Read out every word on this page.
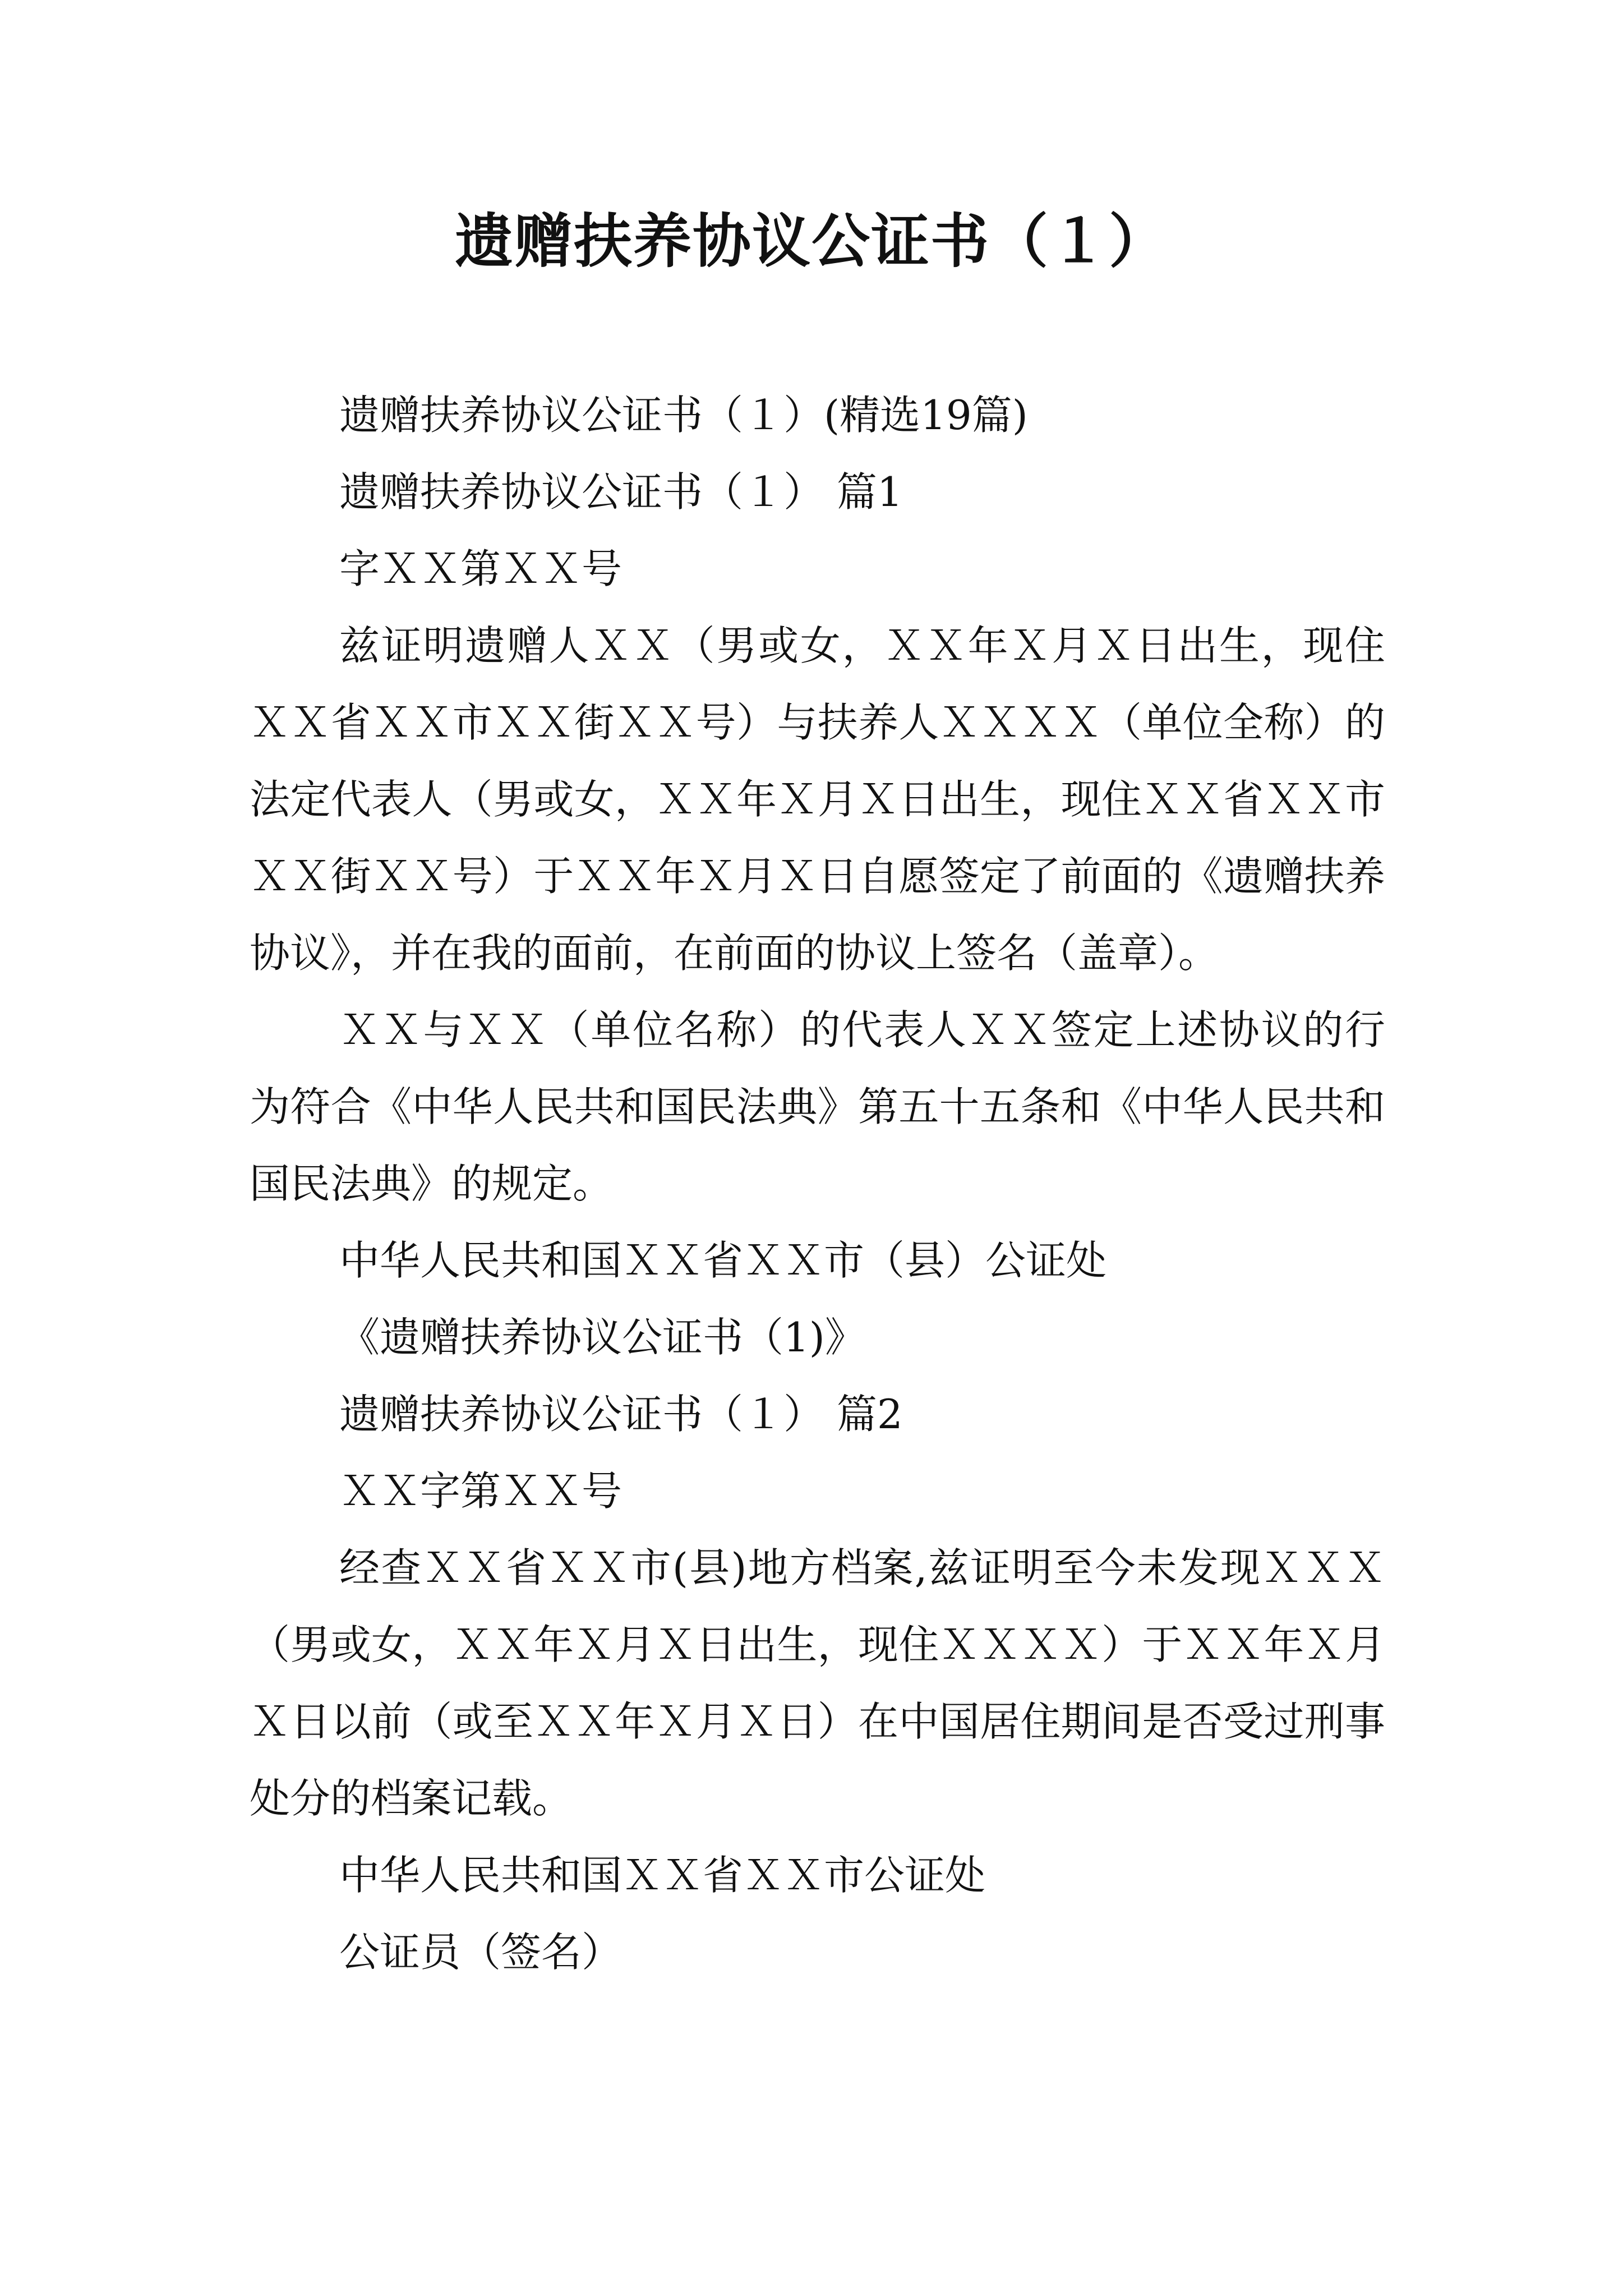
遗赠扶养协议公证书（１）

遗赠扶养协议公证书（１）(精选19篇)

遗赠扶养协议公证书（１） 篇1

字ＸＸ第ＸＸ号

兹证明遗赠人ＸＸ（男或女，ＸＸ年Ｘ月Ｘ日出生，现住ＸＸ省ＸＸ市ＸＸ街ＸＸ号）与扶养人ＸＸＸＸ（单位全称）的法定代表人（男或女，ＸＸ年Ｘ月Ｘ日出生，现住ＸＸ省ＸＸ市ＸＸ街ＸＸ号）于ＸＸ年Ｘ月Ｘ日自愿签定了前面的《遗赠扶养协议》，并在我的面前，在前面的协议上签名（盖章）。

ＸＸ与ＸＸ（单位名称）的代表人ＸＸ签定上述协议的行为符合《中华人民共和国民法典》第五十五条和《中华人民共和国民法典》的规定。

中华人民共和国ＸＸ省ＸＸ市（县）公证处

《遗赠扶养协议公证书（1)》

遗赠扶养协议公证书（１） 篇2

ＸＸ字第ＸＸ号

经查ＸＸ省ＸＸ市(县)地方档案,兹证明至今未发现ＸＸＸ（男或女，ＸＸ年Ｘ月Ｘ日出生，现住ＸＸＸＸ）于ＸＸ年Ｘ月Ｘ日以前（或至ＸＸ年Ｘ月Ｘ日）在中国居住期间是否受过刑事处分的档案记载。

中华人民共和国ＸＸ省ＸＸ市公证处

公证员（签名）
